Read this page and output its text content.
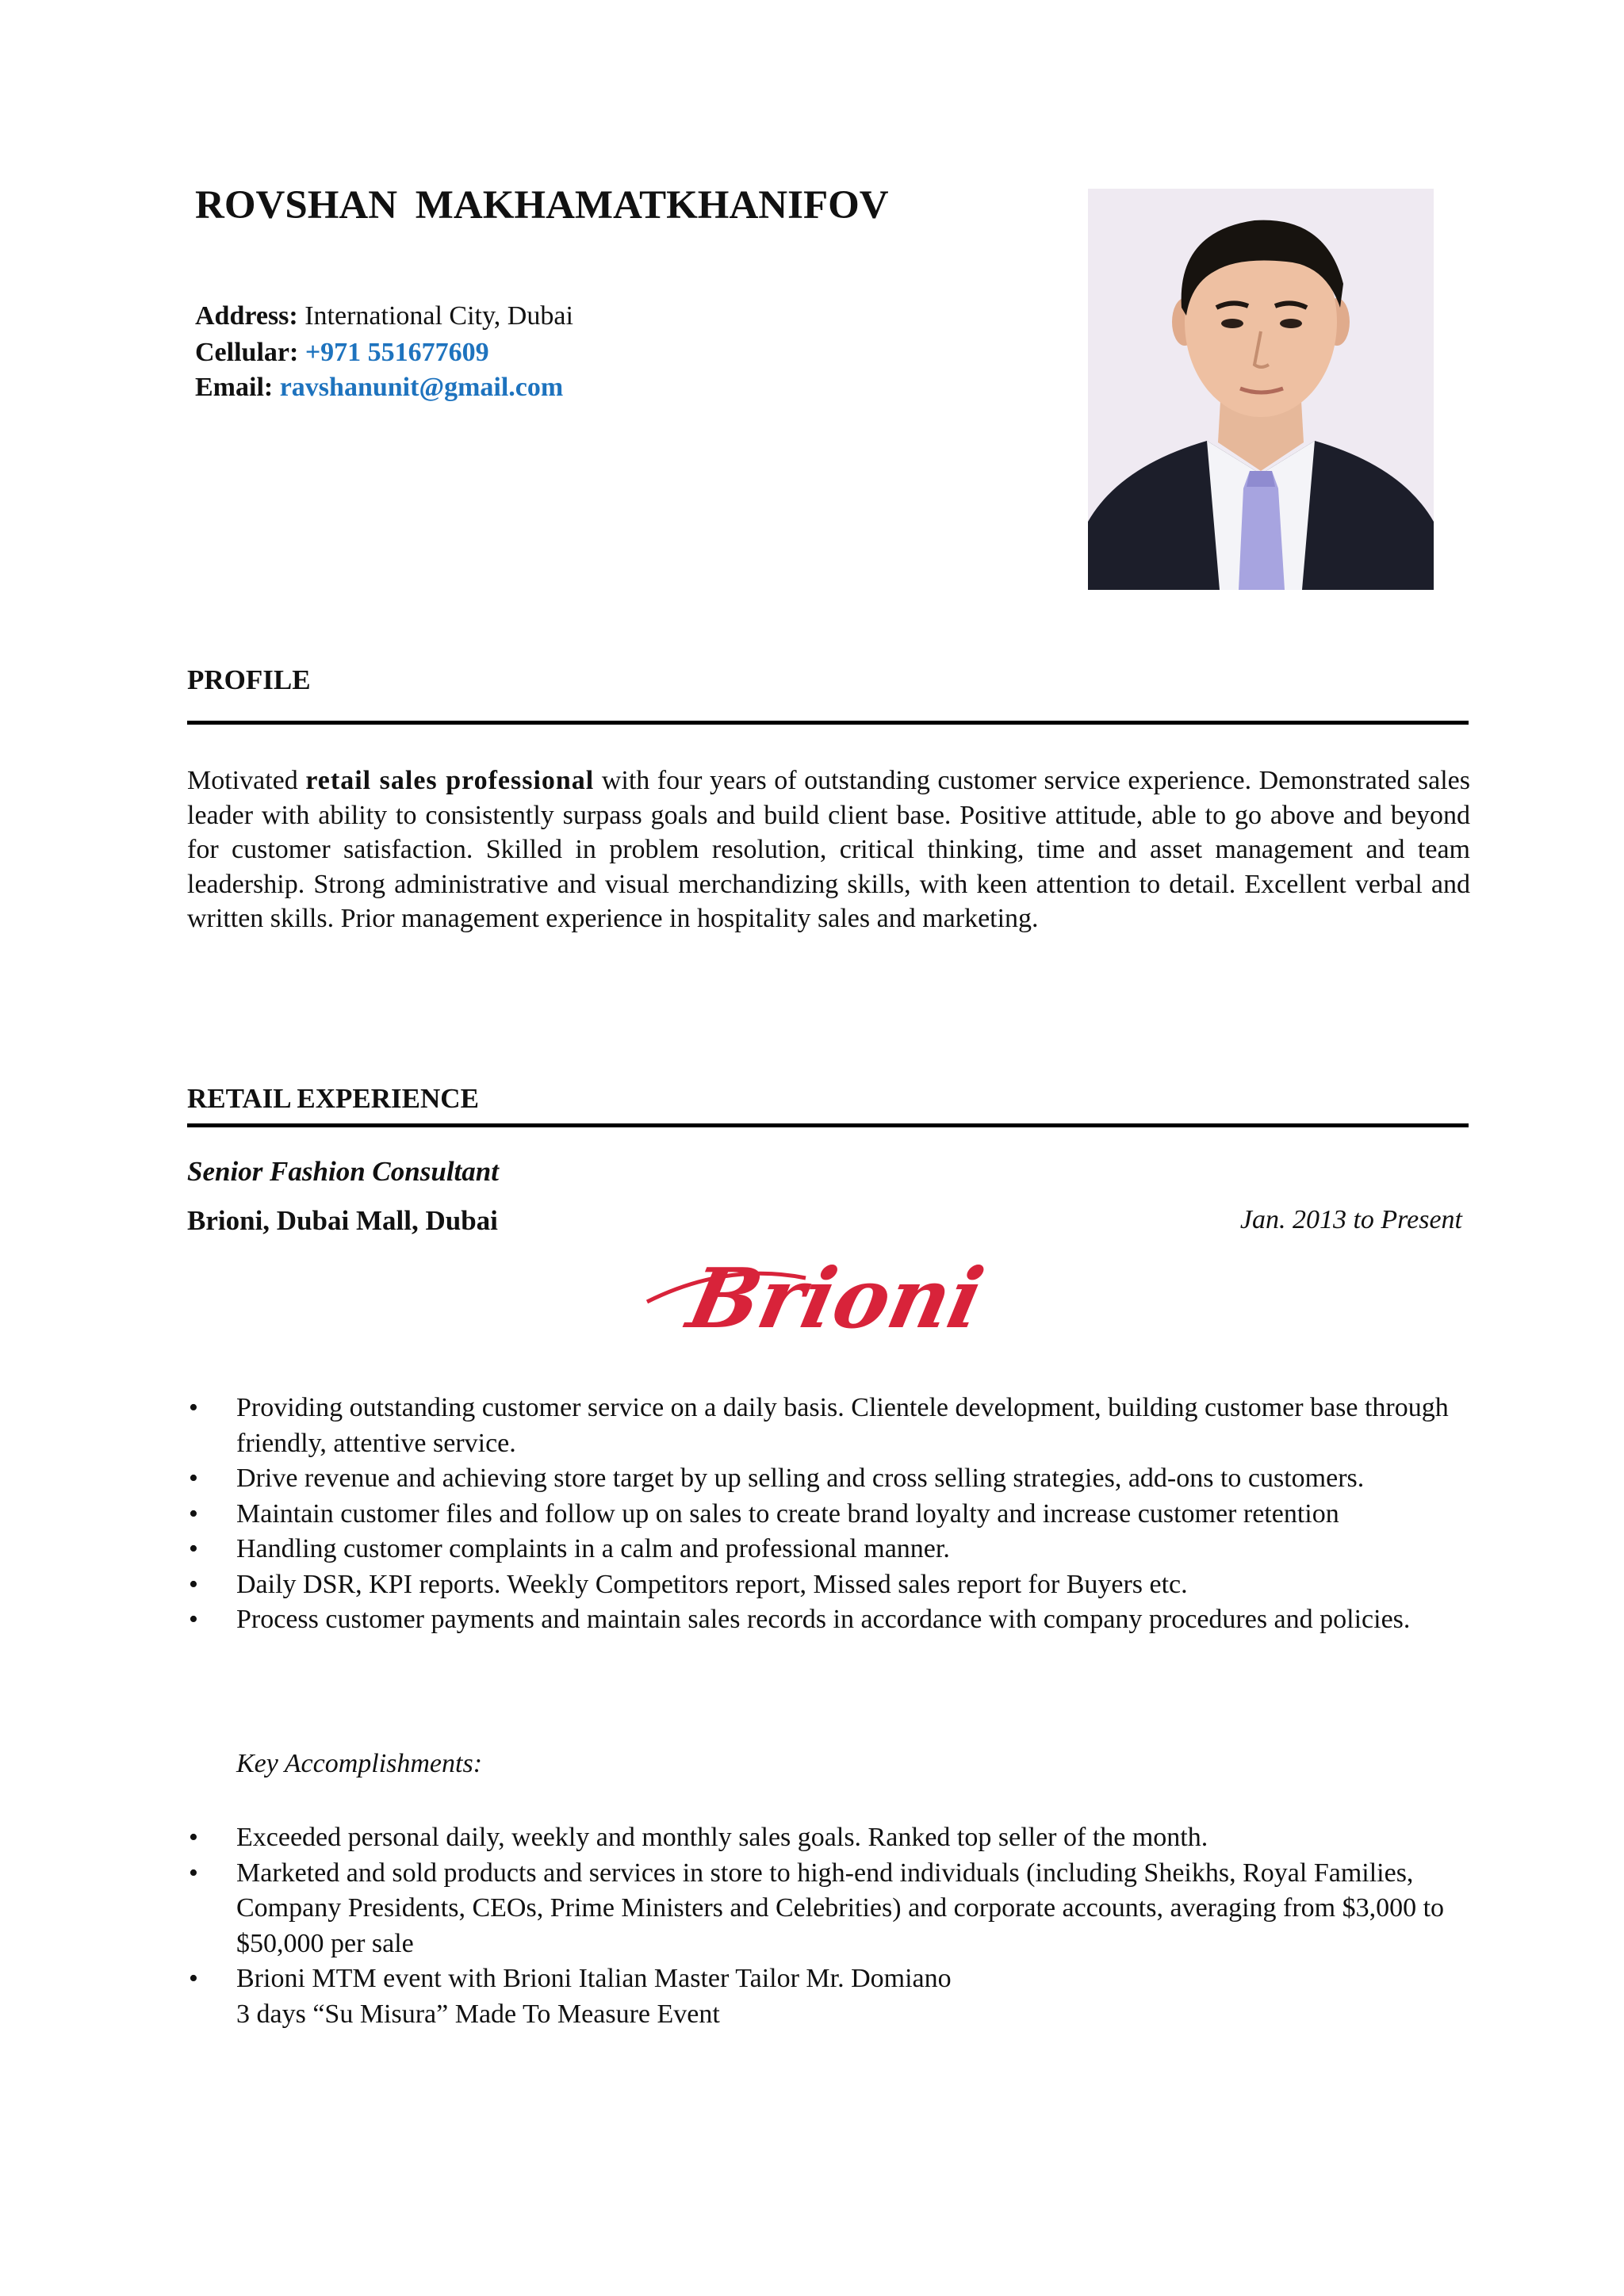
ROVSHAN MAKHAMATKHANIFOV
Address: International City, Dubai
Cellular: +971 551677609
Email: ravshanunit@gmail.com
PROFILE

Motivated retail sales professional with four years of outstanding customer service experience. Demonstrated sales leader with ability to consistently surpass goals and build client base. Positive attitude, able to go above and beyond for customer satisfaction. Skilled in problem resolution, critical thinking, time and asset management and team leadership. Strong administrative and visual merchandizing skills, with keen attention to detail. Excellent verbal and written skills. Prior management experience in hospitality sales and marketing.

RETAIL EXPERIENCE
Senior Fashion Consultant
Brioni, Dubai Mall, Dubai	Jan. 2013 to Present
Brioni
• Providing outstanding customer service on a daily basis. Clientele development, building customer base through friendly, attentive service.
• Drive revenue and achieving store target by up selling and cross selling strategies, add-ons to customers.
• Maintain customer files and follow up on sales to create brand loyalty and increase customer retention
• Handling customer complaints in a calm and professional manner.
• Daily DSR, KPI reports. Weekly Competitors report, Missed sales report for Buyers etc.
• Process customer payments and maintain sales records in accordance with company procedures and policies.
Key Accomplishments:
• Exceeded personal daily, weekly and monthly sales goals. Ranked top seller of the month.
• Marketed and sold products and services in store to high-end individuals (including Sheikhs, Royal Families, Company Presidents, CEOs, Prime Ministers and Celebrities) and corporate accounts, averaging from $3,000 to $50,000 per sale
• Brioni MTM event with Brioni Italian Master Tailor Mr. Domiano
3 days “Su Misura” Made To Measure Event
